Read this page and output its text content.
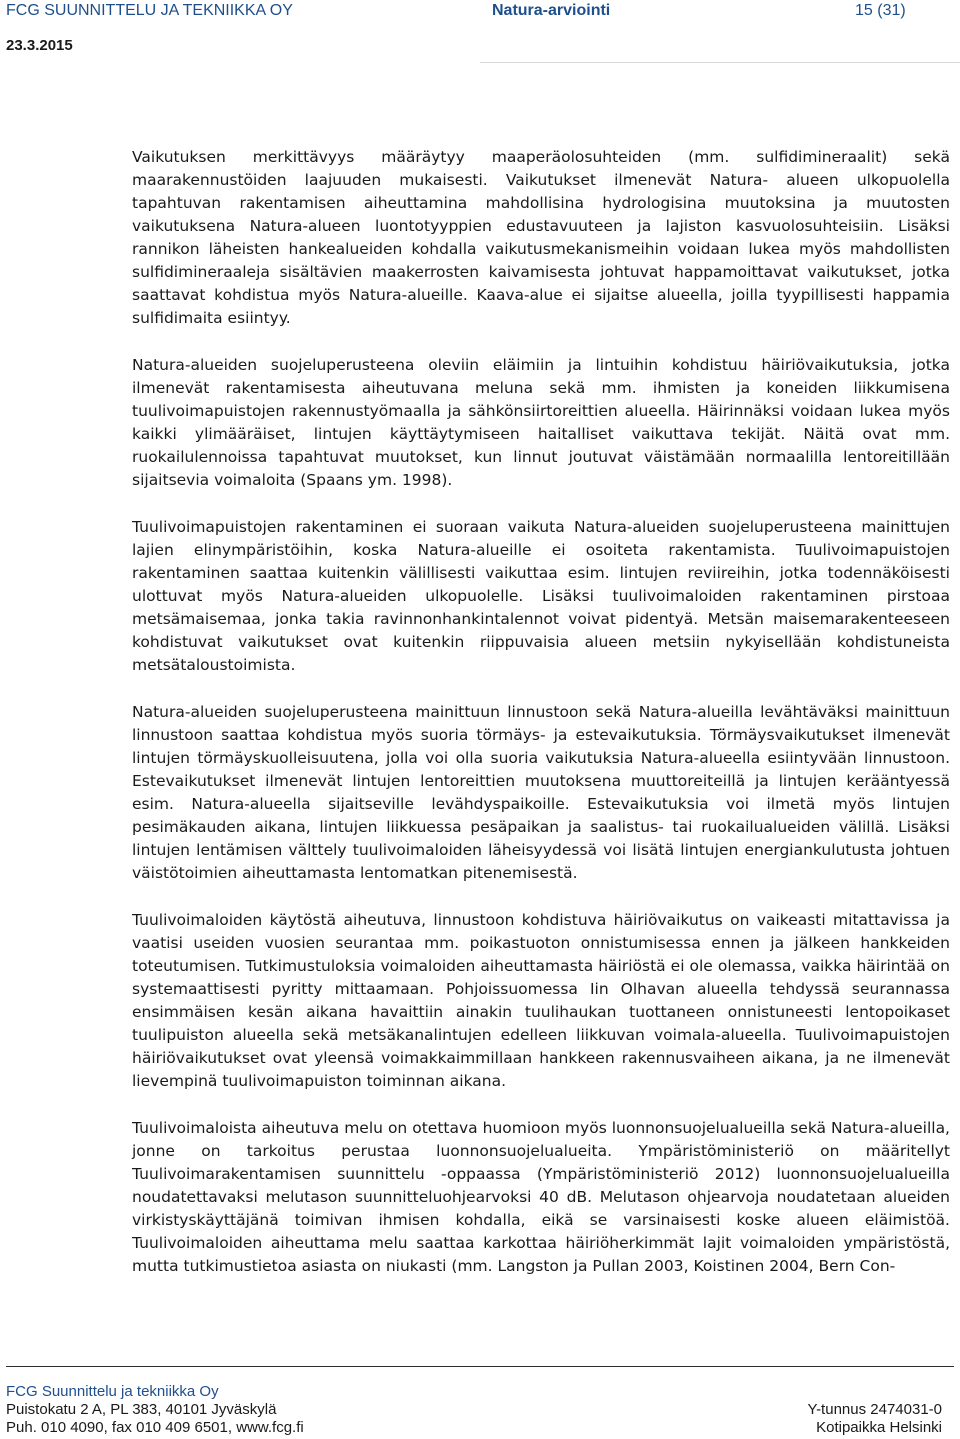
FCG SUUNNITTELU JA TEKNIIKKA OY	Natura-arviointi	15 (31)
23.3.2015

Vaikutuksen merkittävyys määräytyy maaperäolosuhteiden (mm. sulfidimineraalit) sekä maarakennustöiden laajuuden mukaisesti. Vaikutukset ilmenevät Natura- alueen ulkopuolella tapahtuvan rakentamisen aiheuttamina mahdollisina hydrologisina muutoksina ja muutosten vaikutuksena Natura-alueen luontotyyppien edustavuuteen ja lajiston kasvuolosuhteisiin. Lisäksi rannikon läheisten hankealueiden kohdalla vaikutusmekanismeihin voidaan lukea myös mahdollisten sulfidimineraaleja sisältävien maakerrosten kaivamisesta johtuvat happamoittavat vaikutukset, jotka saattavat kohdistua myös Natura-alueille. Kaava-alue ei sijaitse alueella, joilla tyypillisesti happamia sulfidimaita esiintyy.

Natura-alueiden suojeluperusteena oleviin eläimiin ja lintuihin kohdistuu häiriövaikutuksia, jotka ilmenevät rakentamisesta aiheutuvana meluna sekä mm. ihmisten ja koneiden liikkumisena tuulivoimapuistojen rakennustyömaalla ja sähkönsiirtoreittien alueella. Häirinnäksi voidaan lukea myös kaikki ylimääräiset, lintujen käyttäytymiseen haitalliset vaikuttava tekijät. Näitä ovat mm. ruokailulennoissa tapahtuvat muutokset, kun linnut joutuvat väistämään normaalilla lentoreitillään sijaitsevia voimaloita (Spaans ym. 1998).

Tuulivoimapuistojen rakentaminen ei suoraan vaikuta Natura-alueiden suojeluperusteena mainittujen lajien elinympäristöihin, koska Natura-alueille ei osoiteta rakentamista. Tuulivoimapuistojen rakentaminen saattaa kuitenkin välillisesti vaikuttaa esim. lintujen reviireihin, jotka todennäköisesti ulottuvat myös Natura-alueiden ulkopuolelle. Lisäksi tuulivoimaloiden rakentaminen pirstoaa metsämaisemaa, jonka takia ravinnonhankintalennot voivat pidentyä. Metsän maisemarakenteeseen kohdistuvat vaikutukset ovat kuitenkin riippuvaisia alueen metsiin nykyisellään kohdistuneista metsätaloustoimista.

Natura-alueiden suojeluperusteena mainittuun linnustoon sekä Natura-alueilla levähtäväksi mainittuun linnustoon saattaa kohdistua myös suoria törmäys- ja estevaikutuksia. Törmäysvaikutukset ilmenevät lintujen törmäyskuolleisuutena, jolla voi olla suoria vaikutuksia Natura-alueella esiintyvään linnustoon. Estevaikutukset ilmenevät lintujen lentoreittien muutoksena muuttoreiteillä ja lintujen kerääntyessä esim. Natura-alueella sijaitseville levähdyspaikoille. Estevaikutuksia voi ilmetä myös lintujen pesimäkauden aikana, lintujen liikkuessa pesäpaikan ja saalistus- tai ruokailualueiden välillä. Lisäksi lintujen lentämisen välttely tuulivoimaloiden läheisyydessä voi lisätä lintujen energiankulutusta johtuen väistötoimien aiheuttamasta lentomatkan pitenemisestä.

Tuulivoimaloiden käytöstä aiheutuva, linnustoon kohdistuva häiriövaikutus on vaikeasti mitattavissa ja vaatisi useiden vuosien seurantaa mm. poikastuoton onnistumisessa ennen ja jälkeen hankkeiden toteutumisen. Tutkimustuloksia voimaloiden aiheuttamasta häiriöstä ei ole olemassa, vaikka häirintää on systemaattisesti pyritty mittaamaan. Pohjoissuomessa Iin Olhavan alueella tehdyssä seurannassa ensimmäisen kesän aikana havaittiin ainakin tuulihaukan tuottaneen onnistuneesti lentopoikaset tuulipuiston alueella sekä metsäkanalintujen edelleen liikkuvan voimala-alueella. Tuulivoimapuistojen häiriövaikutukset ovat yleensä voimakkaimmillaan hankkeen rakennusvaiheen aikana, ja ne ilmenevät lievempinä tuulivoimapuiston toiminnan aikana.

Tuulivoimaloista aiheutuva melu on otettava huomioon myös luonnonsuojelualueilla sekä Natura-alueilla, jonne on tarkoitus perustaa luonnonsuojelualueita. Ympäristöministeriö on määritellyt Tuulivoimarakentamisen suunnittelu -oppaassa (Ympäristöministeriö 2012) luonnonsuojelualueilla noudatettavaksi melutason suunnitteluohjearvoksi 40 dB. Melutason ohjearvoja noudatetaan alueiden virkistyskäyttäjänä toimivan ihmisen kohdalla, eikä se varsinaisesti koske alueen eläimistöä. Tuulivoimaloiden aiheuttama melu saattaa karkottaa häiriöherkimmät lajit voimaloiden ympäristöstä, mutta tutkimustietoa asiasta on niukasti (mm. Langston ja Pullan 2003, Koistinen 2004, Bern Con-

FCG Suunnittelu ja tekniikka Oy
Puistokatu 2 A, PL 383, 40101 Jyväskylä
Puh. 010 4090, fax 010 409 6501, www.fcg.fi
Y-tunnus 2474031-0
Kotipaikka Helsinki
